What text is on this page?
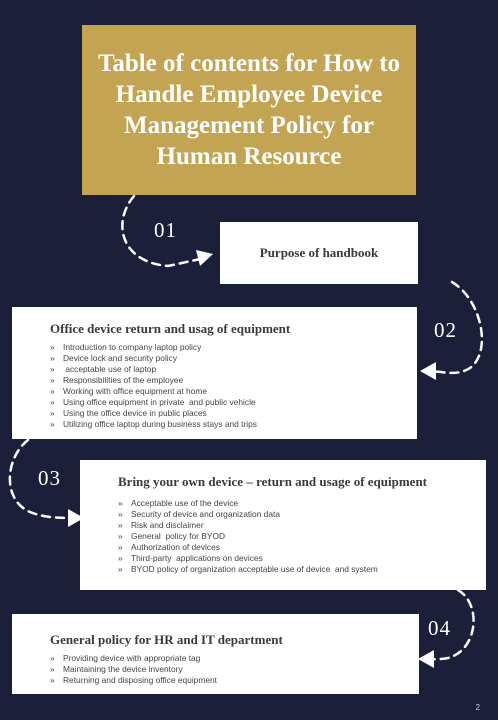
Table of contents for How to Handle Employee Device Management Policy for Human Resource
01
Purpose of handbook
Office device return and usag of equipment
» Introduction to company laptop policy
» Device lock and security policy
» acceptable use of laptop
» Responsibilities of the employee
» Working with office equipment at home
» Using office equipment in private  and public vehicle
» Using the office device in public places
» Utilizing office laptop during business stays and trips
02
03	Bring your own device – return and usage of equipment
» Acceptable use of the device
» Security of device and organization data
» Risk and disclaimer
» General  policy for BYOD
» Authorization of devices
» Third-party  applications on devices
» BYOD policy of organization acceptable use of device  and system
General policy for HR and IT department
» Providing device with appropriate tag
» Maintaining the device inventory
» Returning and disposing office equipment
04
2
